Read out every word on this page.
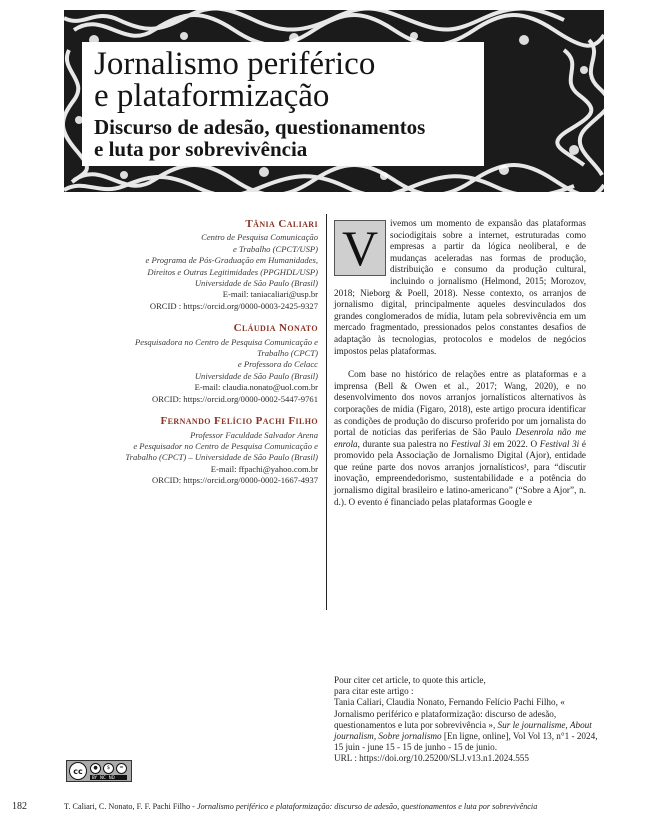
Jornalismo periférico
e plataformização
Discurso de adesão, questionamentos
e luta por sobrevivência
Tânia Caliari
Centro de Pesquisa Comunicação
e Trabalho (CPCT/USP)
e Programa de Pós-Graduação em Humanidades,
Direitos e Outras Legitimidades (PPGHDL/USP)
Universidade de São Paulo (Brasil)
E-mail: taniacaliari@usp.br
ORCID : https://orcid.org/0000-0003-2425-9327
Cláudia Nonato
Pesquisadora no Centro de Pesquisa Comunicação e
Trabalho (CPCT)
e Professora do Celacc
Universidade de São Paulo (Brasil)
E-mail: claudia.nonato@uol.com.br
ORCID: https://orcid.org/0000-0002-5447-9761
Fernando Felício Pachi Filho
Professor Faculdade Salvador Arena
e Pesquisador no Centro de Pesquisa Comunicação e
Trabalho (CPCT) – Universidade de São Paulo (Brasil)
E-mail: ffpachi@yahoo.com.br
ORCID: https://orcid.org/0000-0002-1667-4937

V	ivemos um momento de expansão das plataformas sociodigitais sobre a internet, estruturadas como empresas a partir da lógica neoliberal, e de mudanças aceleradas nas formas de produção, distribuição e consumo da produção cultural, incluindo o jornalismo (Helmond, 2015; Morozov, 2018; Nieborg & Poell, 2018). Nesse contexto, os arranjos de jornalismo digital, principalmente aqueles desvinculados dos grandes conglomerados de mídia, lutam pela sobrevivência em um mercado fragmentado, pressionados pelos constantes desafios de adaptação às tecnologias, protocolos e modelos de negócios impostos pelas plataformas.

Com base no histórico de relações entre as plataformas e a imprensa (Bell & Owen et al., 2017; Wang, 2020), e no desenvolvimento dos novos arranjos jornalísticos alternativos às corporações de mídia (Figaro, 2018), este artigo procura identificar as condições de produção do discurso proferido por um jornalista do portal de notícias das periferias de São Paulo Desenrola não me enrola, durante sua palestra no Festival 3i em 2022. O Festival 3i é promovido pela Associação de Jornalismo Digital (Ajor), entidade que reúne parte dos novos arranjos jornalísticos¹, para “discutir inovação, empreendedorismo, sustentabilidade e a potência do jornalismo digital brasileiro e latino-americano” (“Sobre a Ajor”, n. d.). O evento é financiado pelas plataformas Google e

Pour citer cet article, to quote this article,
para citar este artigo :
Tania Caliari, Claudia Nonato, Fernando Felício Pachi Filho, « Jornalismo periférico e plataformização: discurso de adesão, questionamentos e luta por sobrevivência », Sur le journalisme, About journalism, Sobre jornalismo [En ligne, online], Vol Vol 13, n°1 - 2024, 15 juin - june 15 - 15 de junho - 15 de junio.
URL : https://doi.org/10.25200/SLJ.v13.n1.2024.555
cc	●	$	=
BY NC ND
182	T. Caliari, C. Nonato, F. F. Pachi Filho - Jornalismo periférico e plataformização: discurso de adesão, questionamentos e luta por sobrevivência
